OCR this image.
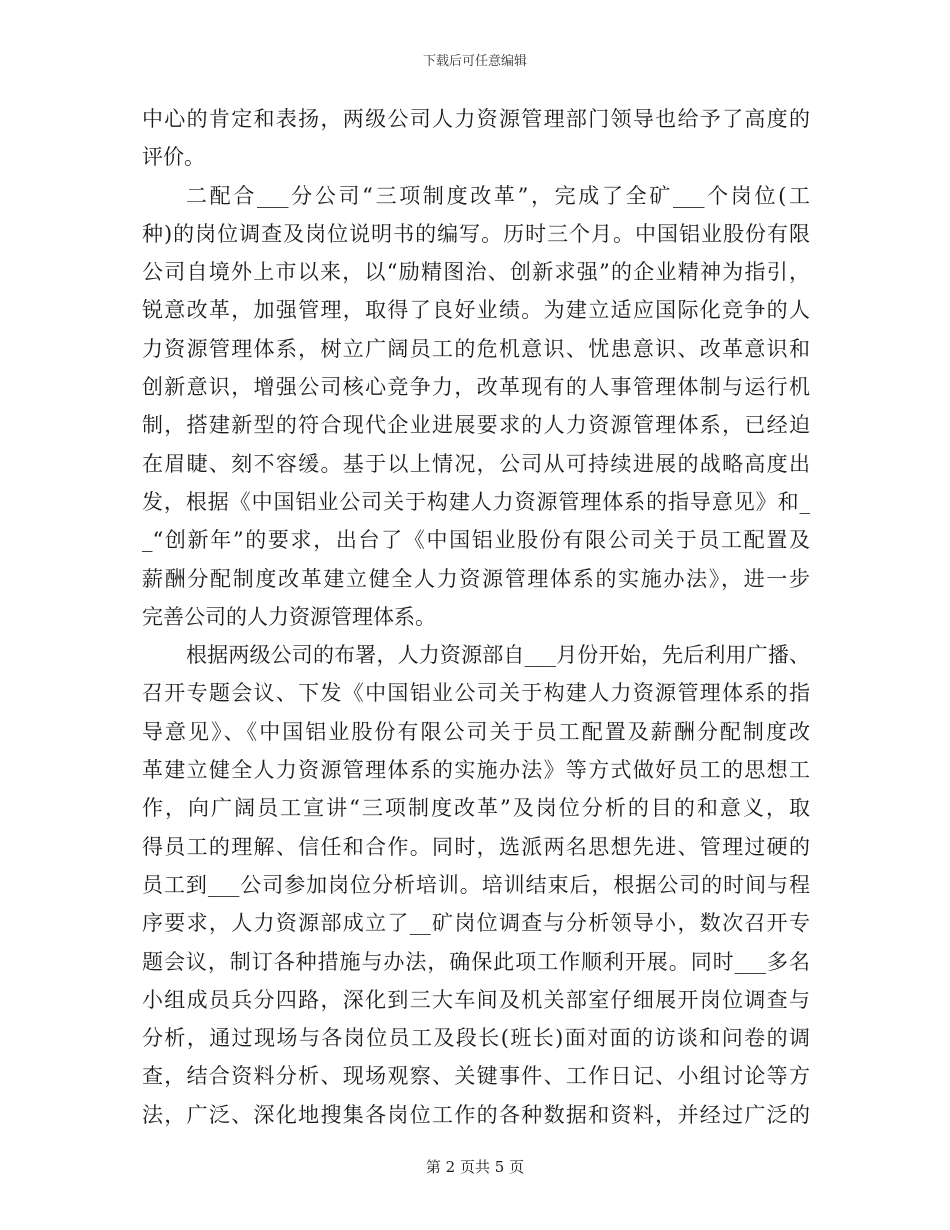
下载后可任意编辑
中心的肯定和表扬，两级公司人力资源管理部门领导也给予了高度的
评价。
二配合___分公司“三项制度改革”，完成了全矿___个岗位(工
种)的岗位调查及岗位说明书的编写。历时三个月。中国铝业股份有限
公司自境外上市以来，以“励精图治、创新求强”的企业精神为指引，
锐意改革，加强管理，取得了良好业绩。为建立适应国际化竞争的人
力资源管理体系，树立广阔员工的危机意识、忧患意识、改革意识和
创新意识，增强公司核心竞争力，改革现有的人事管理体制与运行机
制，搭建新型的符合现代企业进展要求的人力资源管理体系，已经迫
在眉睫、刻不容缓。基于以上情况，公司从可持续进展的战略高度出
发，根据《中国铝业公司关于构建人力资源管理体系的指导意见》和_
_“创新年”的要求，出台了《中国铝业股份有限公司关于员工配置及
薪酬分配制度改革建立健全人力资源管理体系的实施办法》，进一步
完善公司的人力资源管理体系。
根据两级公司的布署，人力资源部自___月份开始，先后利用广播、
召开专题会议、下发《中国铝业公司关于构建人力资源管理体系的指
导意见》、《中国铝业股份有限公司关于员工配置及薪酬分配制度改
革建立健全人力资源管理体系的实施办法》等方式做好员工的思想工
作，向广阔员工宣讲“三项制度改革”及岗位分析的目的和意义，取
得员工的理解、信任和合作。同时，选派两名思想先进、管理过硬的
员工到___公司参加岗位分析培训。培训结束后，根据公司的时间与程
序要求，人力资源部成立了__矿岗位调查与分析领导小，数次召开专
题会议，制订各种措施与办法，确保此项工作顺利开展。同时___多名
小组成员兵分四路，深化到三大车间及机关部室仔细展开岗位调查与
分析，通过现场与各岗位员工及段长(班长)面对面的访谈和问卷的调
查，结合资料分析、现场观察、关键事件、工作日记、小组讨论等方
法，广泛、深化地搜集各岗位工作的各种数据和资料，并经过广泛的
第 2 页共 5 页
